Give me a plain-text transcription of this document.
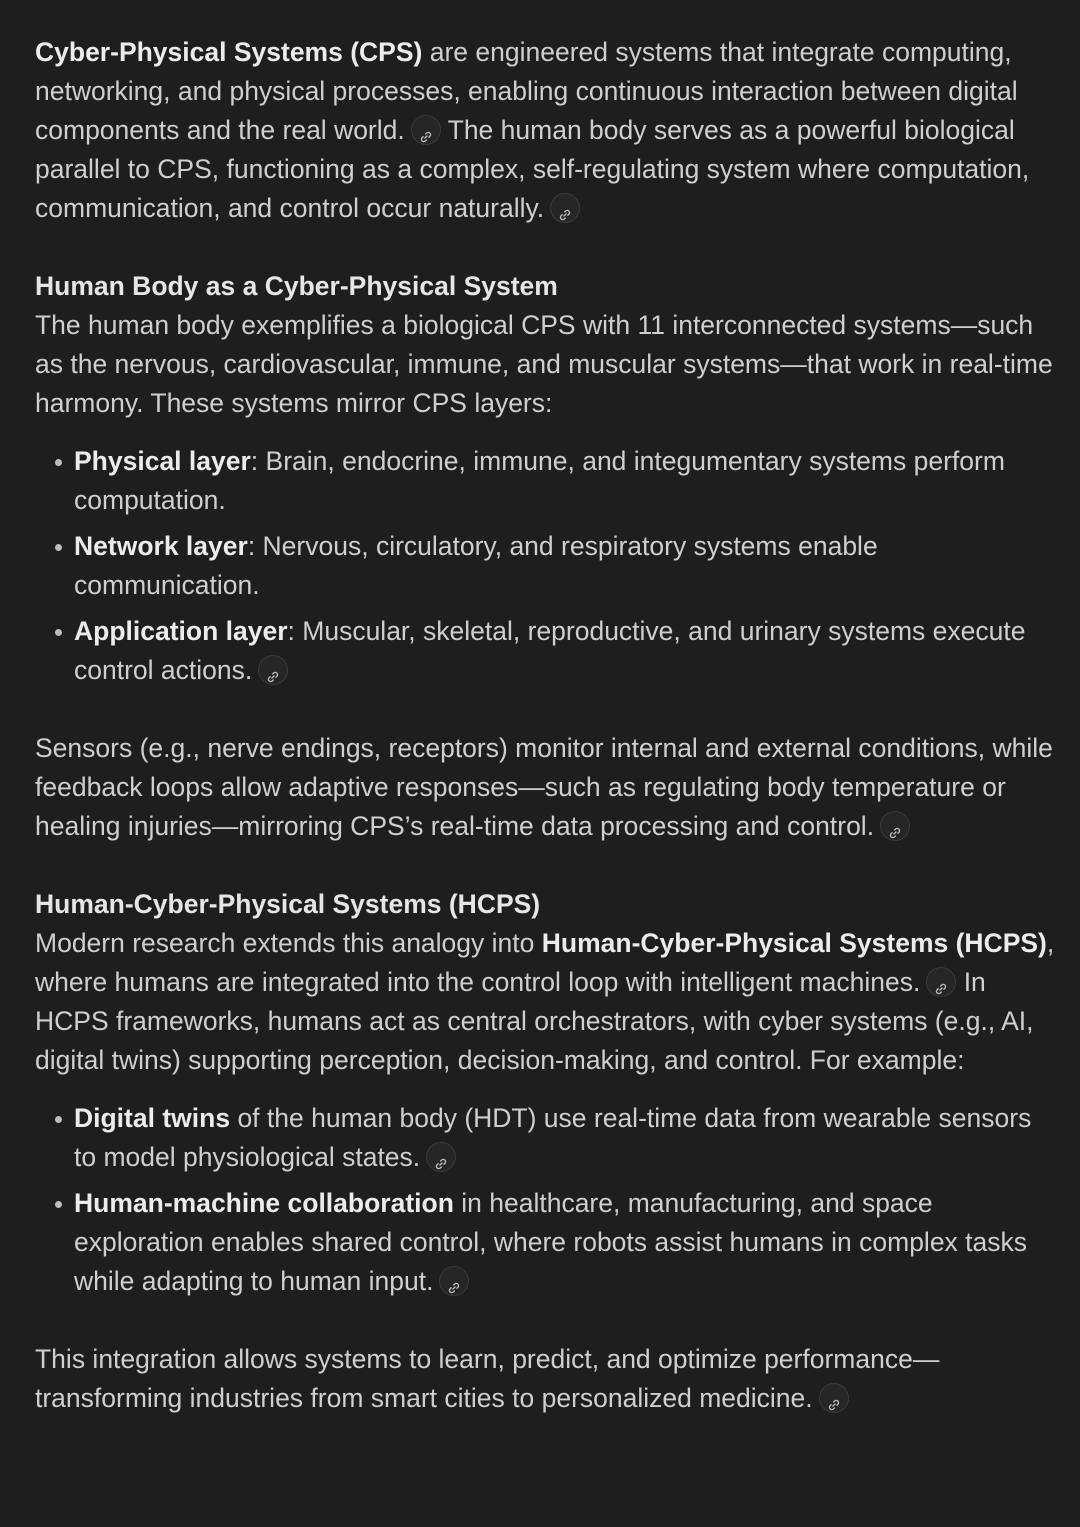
Cyber-Physical Systems (CPS) are engineered systems that integrate computing, networking, and physical processes, enabling continuous interaction between digital components and the real world. The human body serves as a powerful biological parallel to CPS, functioning as a complex, self-regulating system where computation, communication, and control occur naturally.

Human Body as a Cyber-Physical System

The human body exemplifies a biological CPS with 11 interconnected systems—such as the nervous, cardiovascular, immune, and muscular systems—that work in real-time harmony. These systems mirror CPS layers:

Physical layer: Brain, endocrine, immune, and integumentary systems perform computation.
Network layer: Nervous, circulatory, and respiratory systems enable communication.
Application layer: Muscular, skeletal, reproductive, and urinary systems execute control actions.

Sensors (e.g., nerve endings, receptors) monitor internal and external conditions, while feedback loops allow adaptive responses—such as regulating body temperature or healing injuries—mirroring CPS’s real-time data processing and control.

Human-Cyber-Physical Systems (HCPS)

Modern research extends this analogy into Human-Cyber-Physical Systems (HCPS), where humans are integrated into the control loop with intelligent machines. In HCPS frameworks, humans act as central orchestrators, with cyber systems (e.g., AI, digital twins) supporting perception, decision-making, and control. For example:

Digital twins of the human body (HDT) use real-time data from wearable sensors to model physiological states.
Human-machine collaboration in healthcare, manufacturing, and space exploration enables shared control, where robots assist humans in complex tasks while adapting to human input.

This integration allows systems to learn, predict, and optimize performance—transforming industries from smart cities to personalized medicine.
